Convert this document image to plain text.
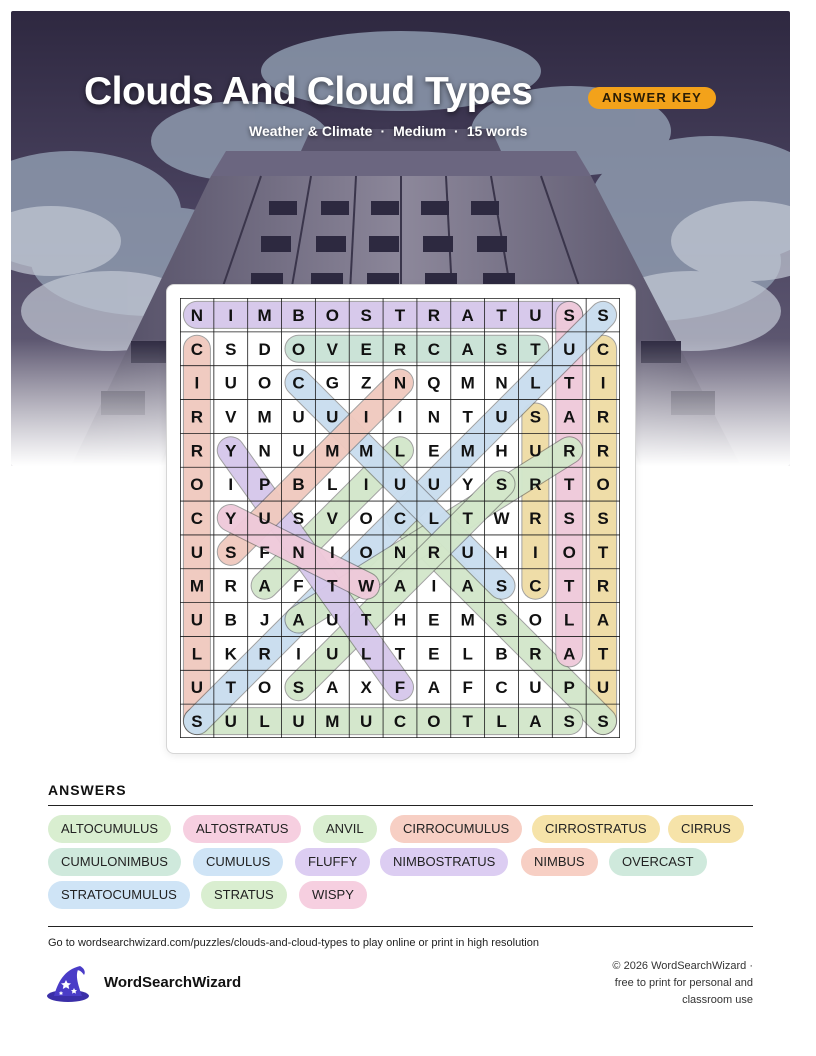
Clouds And Cloud Types	ANSWER KEY
Weather & Climate · Medium · 15 words
N I M B O S T R A T U S S
C S D O V E R C A S T U C
I U O C G Z N Q M N L T I
R V M U U I I N T U S A R
R Y N U M M L E M H U R R
O I P B L I U U Y S R T O
C Y U S V O C L T W R S S
U S F N I O N R U H I O T
M R A F T W A I A S C T R
U B J A U T H E M S O L A
L K R I U L T E L B R A T
U T O S A X F A F C U P U
S U L U M U C O T L A S S
ANSWERS
ALTOCUMULUS	ALTOSTRATUS	ANVIL	CIRROCUMULUS	CIRROSTRATUS	CIRRUS
CUMULONIMBUS	CUMULUS	FLUFFY	NIMBOSTRATUS	NIMBUS	OVERCAST
STRATOCUMULUS	STRATUS	WISPY
Go to wordsearchwizard.com/puzzles/clouds-and-cloud-types to play online or print in high resolution
WordSearchWizard
© 2026 WordSearchWizard ·
free to print for personal and
classroom use
